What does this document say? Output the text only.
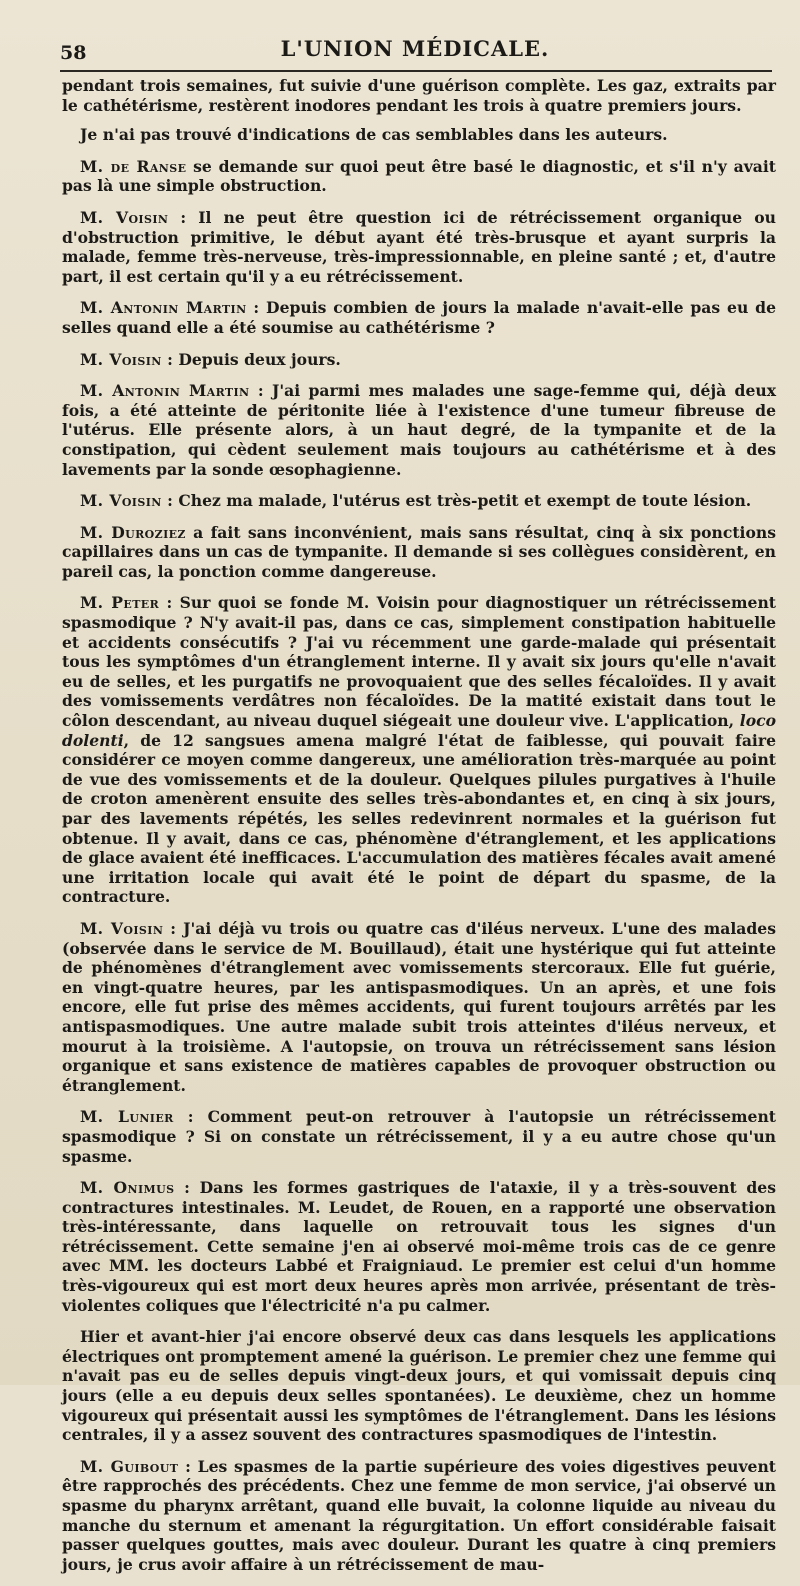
58	L'UNION MÉDICALE.

pendant trois semaines, fut suivie d'une guérison complète. Les gaz, extraits par le cathétérisme, restèrent inodores pendant les trois à quatre premiers jours.

Je n'ai pas trouvé d'indications de cas semblables dans les auteurs.

M. de Ranse se demande sur quoi peut être basé le diagnostic, et s'il n'y avait pas là une simple obstruction.

M. Voisin : Il ne peut être question ici de rétrécissement organique ou d'obstruction primitive, le début ayant été très-brusque et ayant surpris la malade, femme très-nerveuse, très-impressionnable, en pleine santé ; et, d'autre part, il est certain qu'il y a eu rétrécissement.

M. Antonin Martin : Depuis combien de jours la malade n'avait-elle pas eu de selles quand elle a été soumise au cathétérisme ?

M. Voisin : Depuis deux jours.

M. Antonin Martin : J'ai parmi mes malades une sage-femme qui, déjà deux fois, a été atteinte de péritonite liée à l'existence d'une tumeur fibreuse de l'utérus. Elle présente alors, à un haut degré, de la tympanite et de la constipation, qui cèdent seulement mais toujours au cathétérisme et à des lavements par la sonde œsophagienne.

M. Voisin : Chez ma malade, l'utérus est très-petit et exempt de toute lésion.

M. Duroziez a fait sans inconvénient, mais sans résultat, cinq à six ponctions capillaires dans un cas de tympanite. Il demande si ses collègues considèrent, en pareil cas, la ponction comme dangereuse.

M. Peter : Sur quoi se fonde M. Voisin pour diagnostiquer un rétrécissement spasmodique ? N'y avait-il pas, dans ce cas, simplement constipation habituelle et accidents consécutifs ? J'ai vu récemment une garde-malade qui présentait tous les symptômes d'un étranglement interne. Il y avait six jours qu'elle n'avait eu de selles, et les purgatifs ne provoquaient que des selles fécaloïdes. Il y avait des vomissements verdâtres non fécaloïdes. De la matité existait dans tout le côlon descendant, au niveau duquel siégeait une douleur vive. L'application, loco dolenti, de 12 sangsues amena malgré l'état de faiblesse, qui pouvait faire considérer ce moyen comme dangereux, une amélioration très-marquée au point de vue des vomissements et de la douleur. Quelques pilules purgatives à l'huile de croton amenèrent ensuite des selles très-abondantes et, en cinq à six jours, par des lavements répétés, les selles redevinrent normales et la guérison fut obtenue. Il y avait, dans ce cas, phénomène d'étranglement, et les applications de glace avaient été inefficaces. L'accumulation des matières fécales avait amené une irritation locale qui avait été le point de départ du spasme, de la contracture.

M. Voisin : J'ai déjà vu trois ou quatre cas d'iléus nerveux. L'une des malades (observée dans le service de M. Bouillaud), était une hystérique qui fut atteinte de phénomènes d'étranglement avec vomissements stercoraux. Elle fut guérie, en vingt-quatre heures, par les antispasmodiques. Un an après, et une fois encore, elle fut prise des mêmes accidents, qui furent toujours arrêtés par les antispasmodiques. Une autre malade subit trois atteintes d'iléus nerveux, et mourut à la troisième. A l'autopsie, on trouva un rétrécissement sans lésion organique et sans existence de matières capables de provoquer obstruction ou étranglement.

M. Lunier : Comment peut-on retrouver à l'autopsie un rétrécissement spasmodique ? Si on constate un rétrécissement, il y a eu autre chose qu'un spasme.

M. Onimus : Dans les formes gastriques de l'ataxie, il y a très-souvent des contractures intestinales. M. Leudet, de Rouen, en a rapporté une observation très-intéressante, dans laquelle on retrouvait tous les signes d'un rétrécissement. Cette semaine j'en ai observé moi-même trois cas de ce genre avec MM. les docteurs Labbé et Fraigniaud. Le premier est celui d'un homme très-vigoureux qui est mort deux heures après mon arrivée, présentant de très-violentes coliques que l'électricité n'a pu calmer.

Hier et avant-hier j'ai encore observé deux cas dans lesquels les applications électriques ont promptement amené la guérison. Le premier chez une femme qui n'avait pas eu de selles depuis vingt-deux jours, et qui vomissait depuis cinq jours (elle a eu depuis deux selles spontanées). Le deuxième, chez un homme vigoureux qui présentait aussi les symptômes de l'étranglement. Dans les lésions centrales, il y a assez souvent des contractures spasmodiques de l'intestin.

M. Guibout : Les spasmes de la partie supérieure des voies digestives peuvent être rapprochés des précédents. Chez une femme de mon service, j'ai observé un spasme du pharynx arrêtant, quand elle buvait, la colonne liquide au niveau du manche du sternum et amenant la régurgitation. Un effort considérable faisait passer quelques gouttes, mais avec douleur. Durant les quatre à cinq premiers jours, je crus avoir affaire à un rétrécissement de mau-
